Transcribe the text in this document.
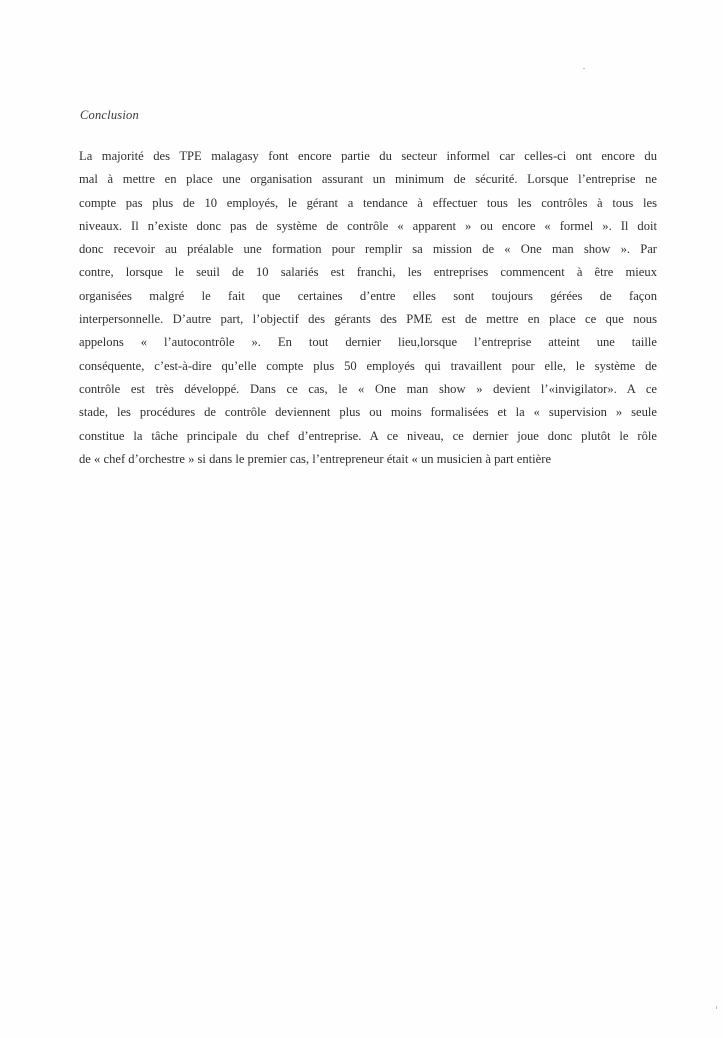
Conclusion
La majorité des TPE malagasy font encore partie du secteur informel car celles-ci ont encore du
mal à mettre en place une organisation assurant un minimum de sécurité. Lorsque l’entreprise ne
compte pas plus de 10 employés, le gérant a tendance à effectuer tous les contrôles à tous les
niveaux. Il n’existe donc pas de système de contrôle « apparent » ou encore « formel ». Il doit
donc recevoir au préalable une formation pour remplir sa mission de « One man show ». Par
contre, lorsque le seuil de 10 salariés est franchi, les entreprises commencent à être mieux
organisées malgré le fait que certaines d’entre elles sont toujours gérées de façon
interpersonnelle. D’autre part, l’objectif des gérants des PME est de mettre en place ce que nous
appelons « l’autocontrôle ». En tout dernier lieu,lorsque l’entreprise atteint une taille
conséquente, c’est-à-dire qu’elle compte plus 50 employés qui travaillent pour elle, le système de
contrôle est très développé. Dans ce cas, le « One man show » devient l’«invigilator». A ce
stade, les procédures de contrôle deviennent plus ou moins formalisées et la « supervision » seule
constitue la tâche principale du chef d’entreprise. A ce niveau, ce dernier joue donc plutôt le rôle
de « chef d’orchestre » si dans le premier cas, l’entrepreneur était « un musicien à part entière
